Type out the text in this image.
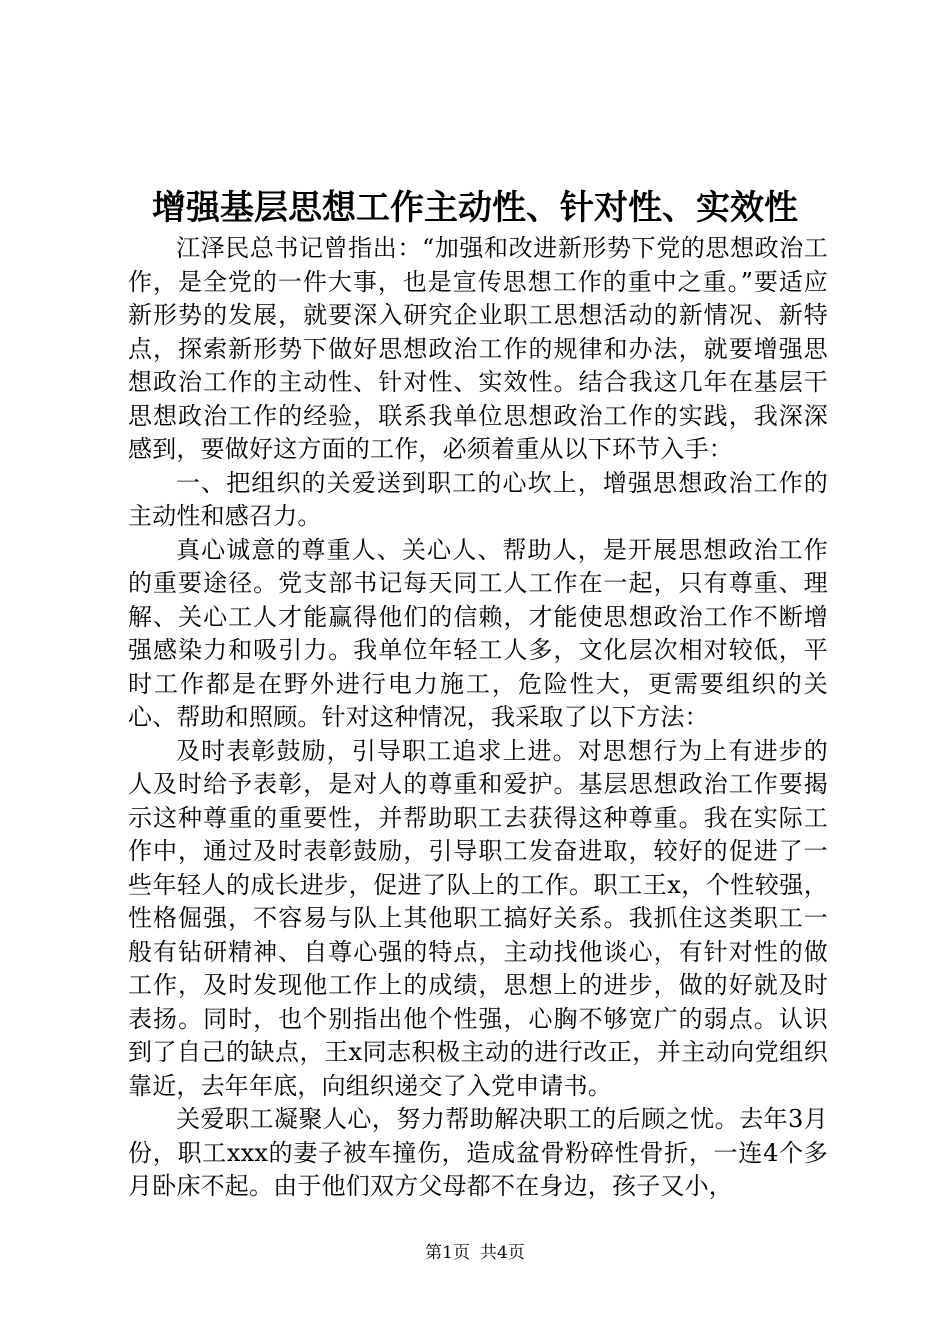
增强基层思想工作主动性、针对性、实效性

江泽民总书记曾指出：“加强和改进新形势下党的思想政治工作，是全党的一件大事，也是宣传思想工作的重中之重。”要适应新形势的发展，就要深入研究企业职工思想活动的新情况、新特点，探索新形势下做好思想政治工作的规律和办法，就要增强思想政治工作的主动性、针对性、实效性。结合我这几年在基层干思想政治工作的经验，联系我单位思想政治工作的实践，我深深感到，要做好这方面的工作，必须着重从以下环节入手：

一、把组织的关爱送到职工的心坎上，增强思想政治工作的主动性和感召力。

真心诚意的尊重人、关心人、帮助人，是开展思想政治工作的重要途径。党支部书记每天同工人工作在一起，只有尊重、理解、关心工人才能赢得他们的信赖，才能使思想政治工作不断增强感染力和吸引力。我单位年轻工人多，文化层次相对较低，平时工作都是在野外进行电力施工，危险性大，更需要组织的关心、帮助和照顾。针对这种情况，我采取了以下方法：

及时表彰鼓励，引导职工追求上进。对思想行为上有进步的人及时给予表彰，是对人的尊重和爱护。基层思想政治工作要揭示这种尊重的重要性，并帮助职工去获得这种尊重。我在实际工作中，通过及时表彰鼓励，引导职工发奋进取，较好的促进了一些年轻人的成长进步，促进了队上的工作。职工王x，个性较强，性格倔强，不容易与队上其他职工搞好关系。我抓住这类职工一般有钻研精神、自尊心强的特点，主动找他谈心，有针对性的做工作，及时发现他工作上的成绩，思想上的进步，做的好就及时表扬。同时，也个别指出他个性强，心胸不够宽广的弱点。认识到了自己的缺点，王x同志积极主动的进行改正，并主动向党组织靠近，去年年底，向组织递交了入党申请书。

关爱职工凝聚人心，努力帮助解决职工的后顾之忧。去年3月份，职工xxx的妻子被车撞伤，造成盆骨粉碎性骨折，一连4个多月卧床不起。由于他们双方父母都不在身边，孩子又小，

第1页 共4页
